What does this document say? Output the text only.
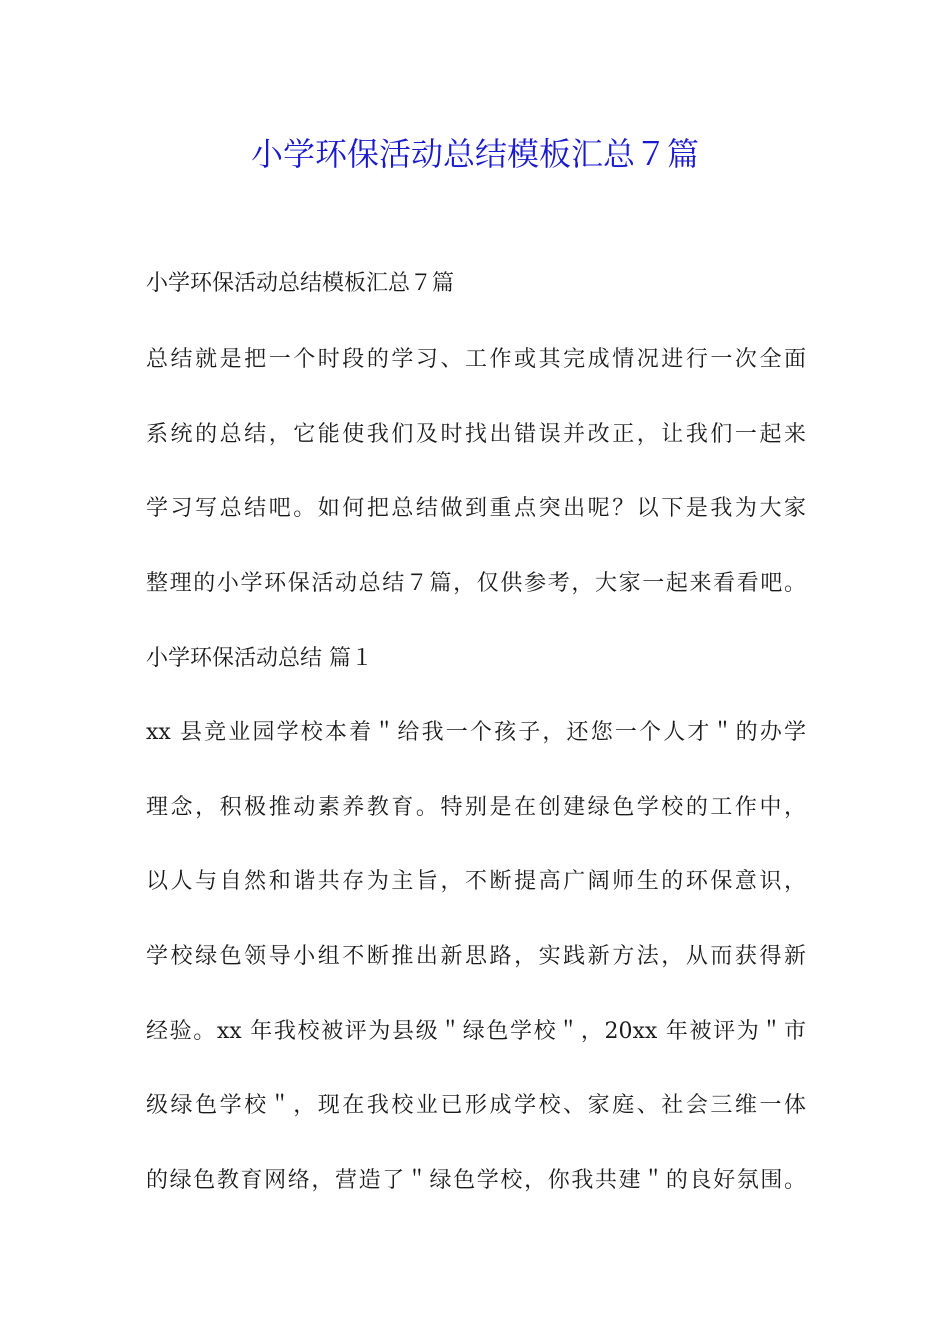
小学环保活动总结模板汇总７篇
小学环保活动总结模板汇总７篇
总结就是把一个时段的学习、工作或其完成情况进行一次全面
系统的总结，它能使我们及时找出错误并改正，让我们一起来
学习写总结吧。如何把总结做到重点突出呢？以下是我为大家
整理的小学环保活动总结７篇，仅供参考，大家一起来看看吧。
小学环保活动总结 篇１
xx 县竞业园学校本着＂给我一个孩子，还您一个人才＂的办学
理念，积极推动素养教育。特别是在创建绿色学校的工作中，
以人与自然和谐共存为主旨，不断提高广阔师生的环保意识，
学校绿色领导小组不断推出新思路，实践新方法，从而获得新
经验。xx 年我校被评为县级＂绿色学校＂，20xx 年被评为＂市
级绿色学校＂，现在我校业已形成学校、家庭、社会三维一体
的绿色教育网络，营造了＂绿色学校，你我共建＂的良好氛围。
